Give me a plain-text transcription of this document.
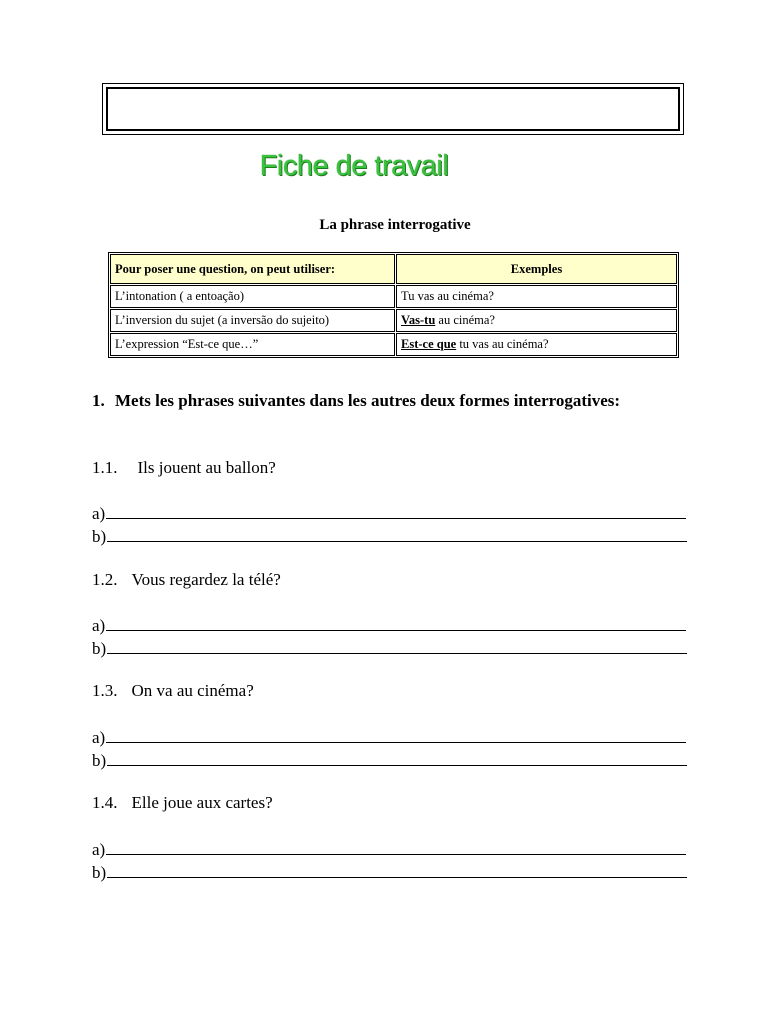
Fiche de travail
La phrase interrogative
Pour poser une question, on peut utiliser:	Exemples
L’intonation ( a entoação)	Tu vas au cinéma?
L’inversion du sujet (a inversão do sujeito)	Vas-tu au cinéma?
L’expression “Est-ce que…”	Est-ce que tu vas au cinéma?
1. Mets les phrases suivantes dans les autres deux formes interrogatives:
1.1. Ils jouent au ballon?
a)
b)
1.2. Vous regardez la télé?
a)
b)
1.3. On va au cinéma?
a)
b)
1.4. Elle joue aux cartes?
a)
b)
